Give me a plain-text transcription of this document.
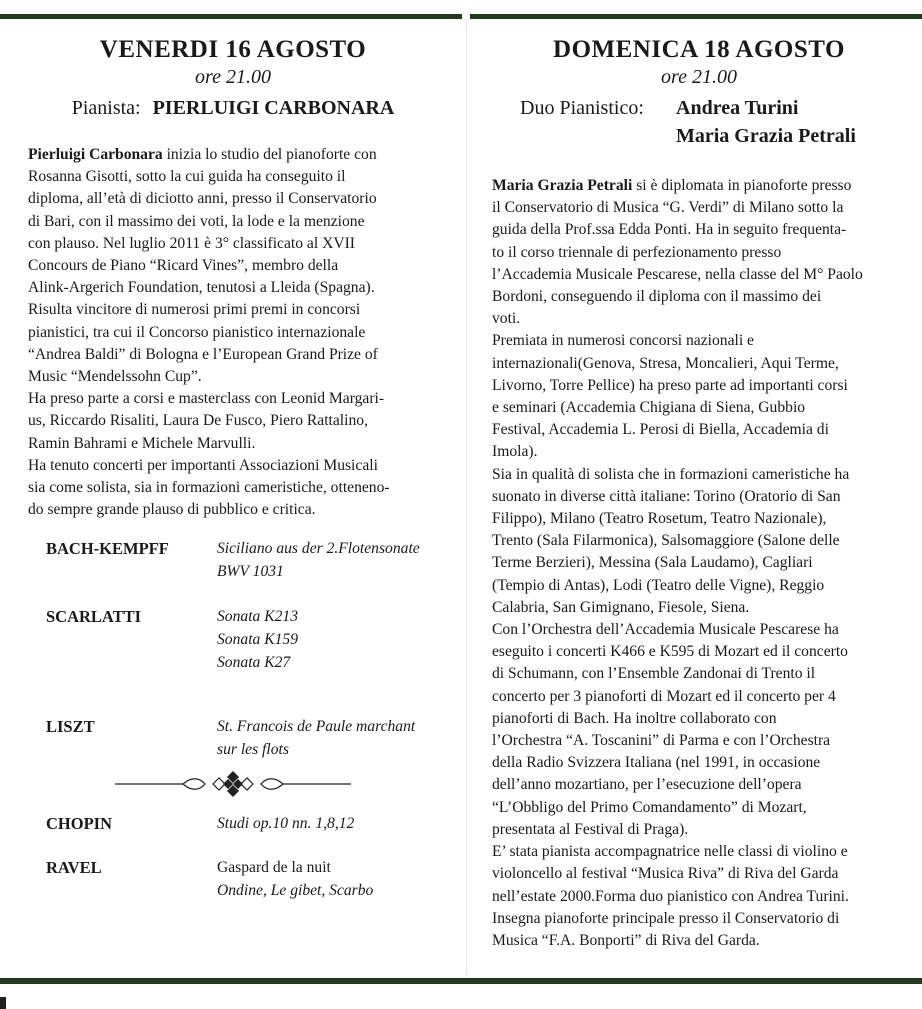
VENERDI 16 AGOSTO
ore 21.00
Pianista: PIERLUIGI CARBONARA

Pierluigi Carbonara inizia lo studio del pianoforte con
Rosanna Gisotti, sotto la cui guida ha conseguito il
diploma, all’età di diciotto anni, presso il Conservatorio
di Bari, con il massimo dei voti, la lode e la menzione
con plauso. Nel luglio 2011 è 3° classificato al XVII
Concours de Piano “Ricard Vines”, membro della
Alink-Argerich Foundation, tenutosi a Lleida (Spagna).
Risulta vincitore di numerosi primi premi in concorsi
pianistici, tra cui il Concorso pianistico internazionale
“Andrea Baldi” di Bologna e l’European Grand Prize of
Music “Mendelssohn Cup”.
Ha preso parte a corsi e masterclass con Leonid Margari-
us, Riccardo Risaliti, Laura De Fusco, Piero Rattalino,
Ramin Bahrami e Michele Marvulli.
Ha tenuto concerti per importanti Associazioni Musicali
sia come solista, sia in formazioni cameristiche, otteneno-
do sempre grande plauso di pubblico e critica.

BACH-KEMPFF	Siciliano aus der 2.Flotensonate
BWV 1031
SCARLATTI	Sonata K213
Sonata K159
Sonata K27
LISZT	St. Francois de Paule marchant
sur les flots
CHOPIN	Studi op.10 nn. 1,8,12
RAVEL	Gaspard de la nuit
Ondine, Le gibet, Scarbo
DOMENICA 18 AGOSTO
ore 21.00
Duo Pianistico: Andrea Turini
Maria Grazia Petrali

Maria Grazia Petrali si è diplomata in pianoforte presso
il Conservatorio di Musica “G. Verdi” di Milano sotto la
guida della Prof.ssa Edda Ponti. Ha in seguito frequenta-
to il corso triennale di perfezionamento presso
l’Accademia Musicale Pescarese, nella classe del M° Paolo
Bordoni, conseguendo il diploma con il massimo dei
voti.
Premiata in numerosi concorsi nazionali e
internazionali(Genova, Stresa, Moncalieri, Aqui Terme,
Livorno, Torre Pellice) ha preso parte ad importanti corsi
e seminari (Accademia Chigiana di Siena, Gubbio
Festival, Accademia L. Perosi di Biella, Accademia di
Imola).
Sia in qualità di solista che in formazioni cameristiche ha
suonato in diverse città italiane: Torino (Oratorio di San
Filippo), Milano (Teatro Rosetum, Teatro Nazionale),
Trento (Sala Filarmonica), Salsomaggiore (Salone delle
Terme Berzieri), Messina (Sala Laudamo), Cagliari
(Tempio di Antas), Lodi (Teatro delle Vigne), Reggio
Calabria, San Gimignano, Fiesole, Siena.
Con l’Orchestra dell’Accademia Musicale Pescarese ha
eseguito i concerti K466 e K595 di Mozart ed il concerto
di Schumann, con l’Ensemble Zandonai di Trento il
concerto per 3 pianoforti di Mozart ed il concerto per 4
pianoforti di Bach. Ha inoltre collaborato con
l’Orchestra “A. Toscanini” di Parma e con l’Orchestra
della Radio Svizzera Italiana (nel 1991, in occasione
dell’anno mozartiano, per l’esecuzione dell’opera
“L’Obbligo del Primo Comandamento” di Mozart,
presentata al Festival di Praga).
E’ stata pianista accompagnatrice nelle classi di violino e
violoncello al festival “Musica Riva” di Riva del Garda
nell’estate 2000.Forma duo pianistico con Andrea Turini.
Insegna pianoforte principale presso il Conservatorio di
Musica “F.A. Bonporti” di Riva del Garda.
